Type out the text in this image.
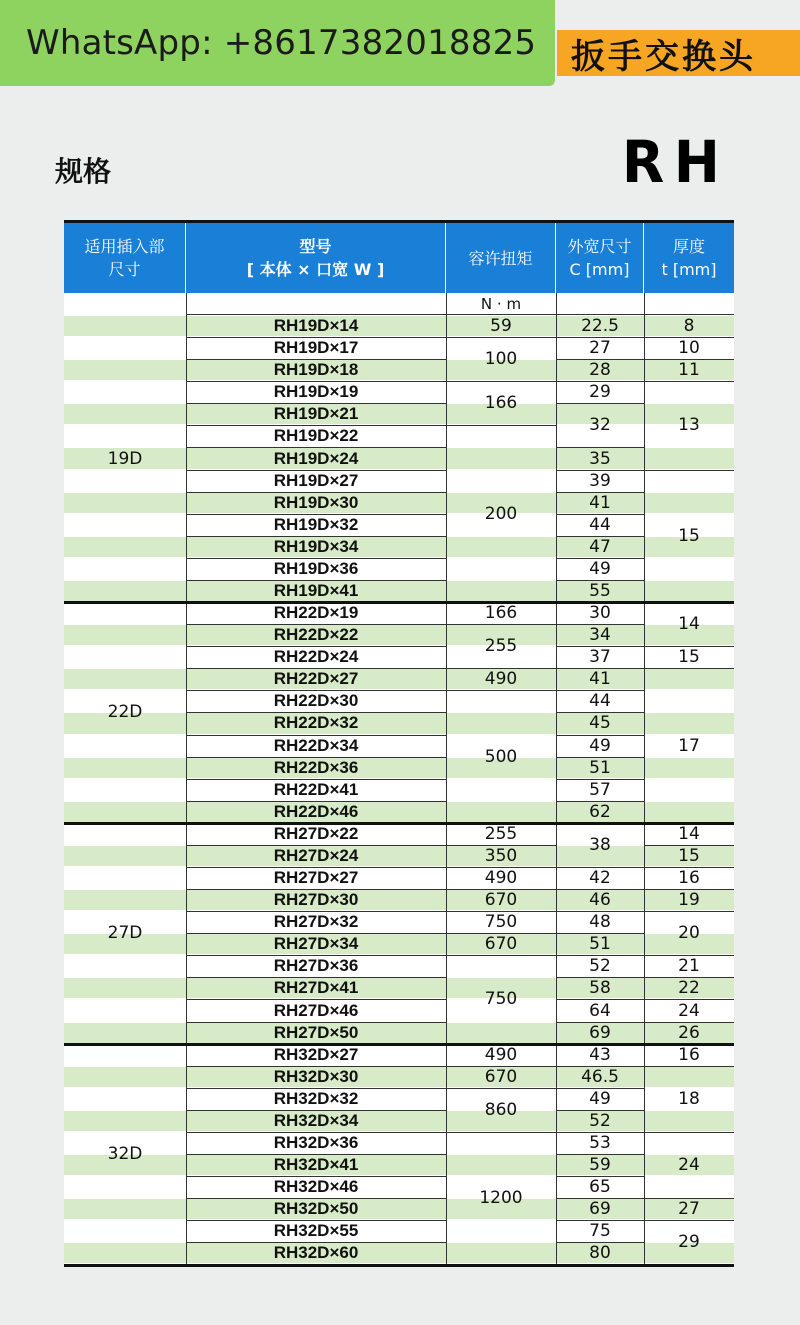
WhatsApp: +8617382018825 扳手交换头
规格	RH
适用插入部
尺寸
型号
[ 本体 × 口宽 W ]
容许扭矩
外宽尺寸
C [mm]
厚度
t [mm]
N · m
19D
RH19D×14
RH19D×17
RH19D×18
RH19D×19
RH19D×21
RH19D×22
RH19D×24
RH19D×27
RH19D×30
RH19D×32
RH19D×34
RH19D×36
RH19D×41
59
100
166
200
22.5
27
28
29
32
35
39
41
44
47
49
55
8
10
11
13
15
22D
RH22D×19
RH22D×22
RH22D×24
RH22D×27
RH22D×30
RH22D×32
RH22D×34
RH22D×36
RH22D×41
RH22D×46
166
255
490
500
30
34
37
41
44
45
49
51
57
62
14
15
17
27D
RH27D×22
RH27D×24
RH27D×27
RH27D×30
RH27D×32
RH27D×34
RH27D×36
RH27D×41
RH27D×46
RH27D×50
255
350
490
670
750
670
750
38
42
46
48
51
52
58
64
69
14
15
16
19
20
21
22
24
26
32D
RH32D×27
RH32D×30
RH32D×32
RH32D×34
RH32D×36
RH32D×41
RH32D×46
RH32D×50
RH32D×55
RH32D×60
490
670
860
1200
43
46.5
49
52
53
59
65
69
75
80
16
18
24
27
29
